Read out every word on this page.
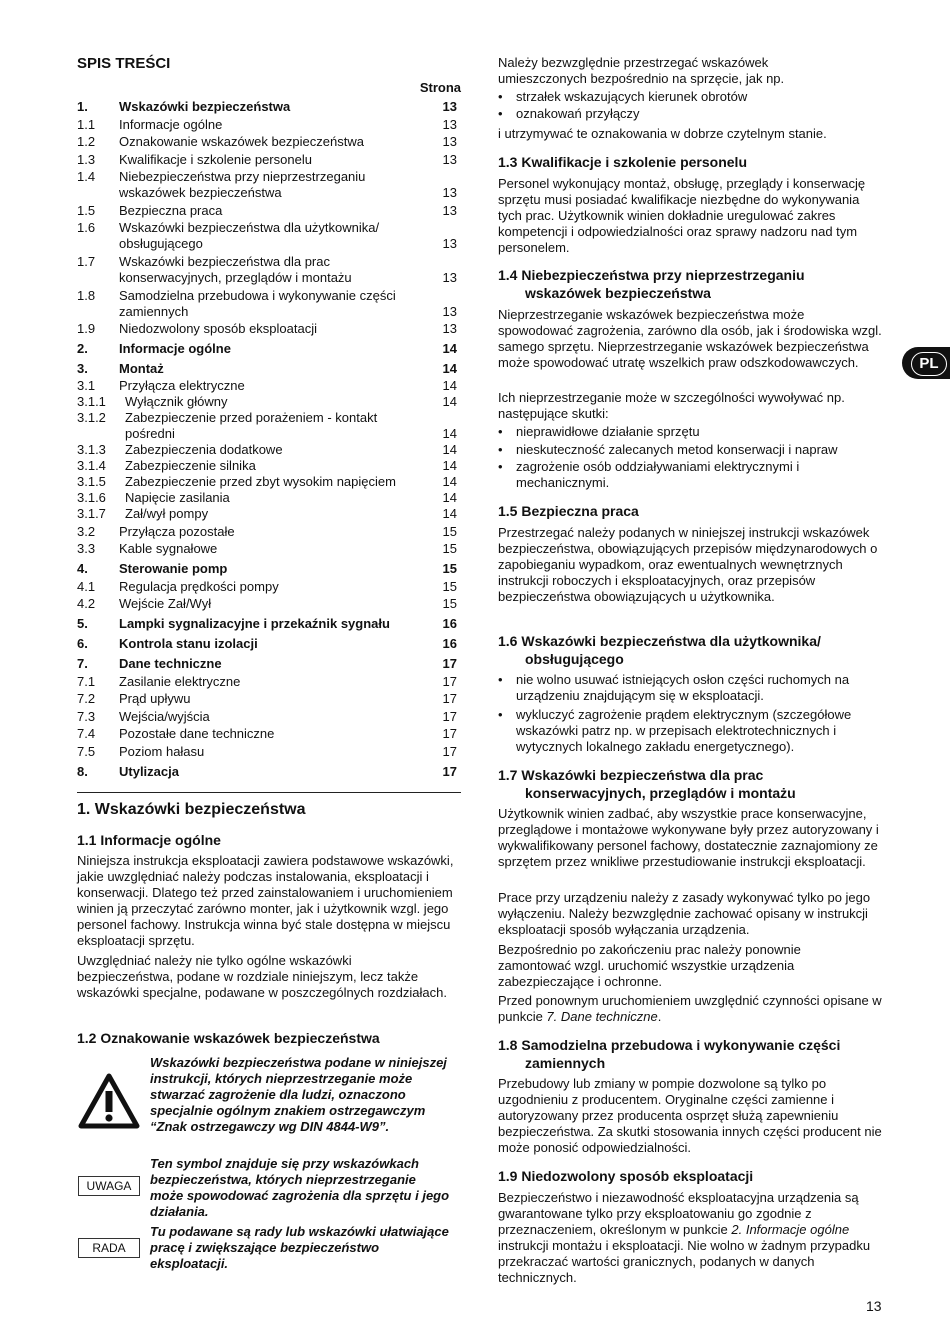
SPIS TREŚCI
Strona
1. Wskazówki bezpieczeństwa	13
1.1 Informacje ogólne	13
1.2 Oznakowanie wskazówek bezpieczeństwa	13
1.3 Kwalifikacje i szkolenie personelu	13
1.4 Niebezpieczeństwa przy nieprzestrzeganiu wskazówek bezpieczeństwa	13
1.5 Bezpieczna praca	13
1.6 Wskazówki bezpieczeństwa dla użytkownika/ obsługującego	13
1.7 Wskazówki bezpieczeństwa dla prac konserwacyjnych, przeglądów i montażu	13
1.8 Samodzielna przebudowa i wykonywanie części zamiennych	13
1.9 Niedozwolony sposób eksploatacji	13
2. Informacje ogólne	14
3. Montaż	14
3.1 Przyłącza elektryczne	14
3.1.1 Wyłącznik główny	14
3.1.2 Zabezpieczenie przed porażeniem - kontakt pośredni	14
3.1.3 Zabezpieczenia dodatkowe	14
3.1.4 Zabezpieczenie silnika	14
3.1.5 Zabezpieczenie przed zbyt wysokim napięciem	14
3.1.6 Napięcie zasilania	14
3.1.7 Zał/wył pompy	14
3.2 Przyłącza pozostałe	15
3.3 Kable sygnałowe	15
4. Sterowanie pomp	15
4.1 Regulacja prędkości pompy	15
4.2 Wejście Zał/Wył	15
5. Lampki sygnalizacyjne i przekaźnik sygnału	16
6. Kontrola stanu izolacji	16
7. Dane techniczne	17
7.1 Zasilanie elektryczne	17
7.2 Prąd upływu	17
7.3 Wejścia/wyjścia	17
7.4 Pozostałe dane techniczne	17
7.5 Poziom hałasu	17
8. Utylizacja	17
1. Wskazówki bezpieczeństwa
1.1 Informacje ogólne
Niniejsza instrukcja eksploatacji zawiera podstawowe wskazówki, jakie uwzględniać należy podczas instalowania, eksploatacji i konserwacji. Dlatego też przed zainstalowaniem i uruchomieniem winien ją przeczytać zarówno monter, jak i użytkownik wzgl. jego personel fachowy. Instrukcja winna być stale dostępna w miejscu eksploatacji sprzętu.
Uwzględniać należy nie tylko ogólne wskazówki bezpieczeństwa, podane w rozdziale niniejszym, lecz także wskazówki specjalne, podawane w poszczególnych rozdziałach.
1.2 Oznakowanie wskazówek bezpieczeństwa
Wskazówki bezpieczeństwa podane w niniejszej instrukcji, których nieprzestrzeganie może stwarzać zagrożenie dla ludzi, oznaczono specjalnie ogólnym znakiem ostrzegawczym “Znak ostrzegawczy wg DIN 4844-W9”.
UWAGA
Ten symbol znajduje się przy wskazówkach bezpieczeństwa, których nieprzestrzeganie może spowodować zagrożenia dla sprzętu i jego działania.
RADA
Tu podawane są rady lub wskazówki ułatwiające pracę i zwiększające bezpieczeństwo eksploatacji.
Należy bezwzględnie przestrzegać wskazówek umieszczonych bezpośrednio na sprzęcie, jak np.
• strzałek wskazujących kierunek obrotów
• oznakowań przyłączy
i utrzymywać te oznakowania w dobrze czytelnym stanie.
1.3 Kwalifikacje i szkolenie personelu
Personel wykonujący montaż, obsługę, przeglądy i konserwację sprzętu musi posiadać kwalifikacje niezbędne do wykonywania tych prac. Użytkownik winien dokładnie uregulować zakres kompetencji i odpowiedzialności oraz sprawy nadzoru nad tym personelem.
1.4 Niebezpieczeństwa przy nieprzestrzeganiu
wskazówek bezpieczeństwa
Nieprzestrzeganie wskazówek bezpieczeństwa może spowodować zagrożenia, zarówno dla osób, jak i środowiska wzgl. samego sprzętu. Nieprzestrzeganie wskazówek bezpieczeństwa może spowodować utratę wszelkich praw odszkodowawczych.
Ich nieprzestrzeganie może w szczególności wywoływać np. następujące skutki:
• nieprawidłowe działanie sprzętu
• nieskuteczność zalecanych metod konserwacji i napraw
• zagrożenie osób oddziaływaniami elektrycznymi i mechanicznymi.
1.5 Bezpieczna praca
Przestrzegać należy podanych w niniejszej instrukcji wskazówek bezpieczeństwa, obowiązujących przepisów międzynarodowych o zapobieganiu wypadkom, oraz ewentualnych wewnętrznych instrukcji roboczych i eksploatacyjnych, oraz przepisów bezpieczeństwa obowiązujących u użytkownika.
1.6 Wskazówki bezpieczeństwa dla użytkownika/
obsługującego
• nie wolno usuwać istniejących osłon części ruchomych na urządzeniu znajdującym się w eksploatacji.
• wykluczyć zagrożenie prądem elektrycznym (szczegółowe wskazówki patrz np. w przepisach elektrotechnicznych i wytycznych lokalnego zakładu energetycznego).
1.7 Wskazówki bezpieczeństwa dla prac
konserwacyjnych, przeglądów i montażu
Użytkownik winien zadbać, aby wszystkie prace konserwacyjne, przeglądowe i montażowe wykonywane były przez autoryzowany i wykwalifikowany personel fachowy, dostatecznie zaznajomiony ze sprzętem przez wnikliwe przestudiowanie instrukcji eksploatacji.
Prace przy urządzeniu należy z zasady wykonywać tylko po jego wyłączeniu. Należy bezwzględnie zachować opisany w instrukcji eksploatacji sposób wyłączania urządzenia.
Bezpośrednio po zakończeniu prac należy ponownie zamontować wzgl. uruchomić wszystkie urządzenia zabezpieczające i ochronne.
Przed ponownym uruchomieniem uwzględnić czynności opisane w punkcie 7. Dane techniczne.
1.8 Samodzielna przebudowa i wykonywanie części
zamiennych
Przebudowy lub zmiany w pompie dozwolone są tylko po uzgodnieniu z producentem. Oryginalne części zamienne i autoryzowany przez producenta osprzęt służą zapewnieniu bezpieczeństwa. Za skutki stosowania innych części producent nie może ponosić odpowiedzialności.
1.9 Niedozwolony sposób eksploatacji
Bezpieczeństwo i niezawodność eksploatacyjna urządzenia są gwarantowane tylko przy eksploatowaniu go zgodnie z przeznaczeniem, określonym w punkcie 2. Informacje ogólne instrukcji montażu i eksploatacji. Nie wolno w żadnym przypadku przekraczać wartości granicznych, podanych w danych technicznych.
PL
13
